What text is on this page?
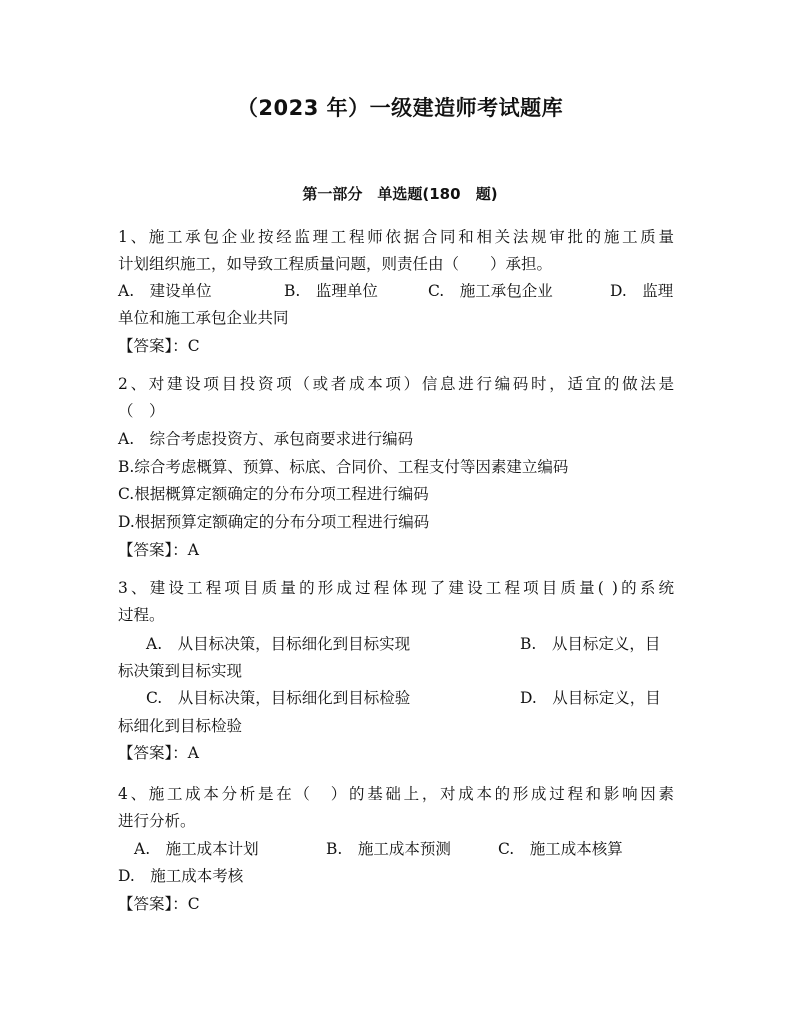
（2023 年）一级建造师考试题库
第一部分　单选题(180 题)
1、施工承包企业按经监理工程师依据合同和相关法规审批的施工质量
计划组织施工，如导致工程质量问题，则责任由（　　）承担。
A.　建设单位	B.　监理单位	C.　施工承包企业	D.　监理
单位和施工承包企业共同
【答案】：C
2、对建设项目投资项（或者成本项）信息进行编码时，适宜的做法是
（　）
A.　综合考虑投资方、承包商要求进行编码
B.综合考虑概算、预算、标底、合同价、工程支付等因素建立编码
C.根据概算定额确定的分布分项工程进行编码
D.根据预算定额确定的分布分项工程进行编码
【答案】：A
3、建设工程项目质量的形成过程体现了建设工程项目质量( )的系统
过程。
A.　从目标决策，目标细化到目标实现	B.　从目标定义，目
标决策到目标实现
C.　从目标决策，目标细化到目标检验	D.　从目标定义，目
标细化到目标检验
【答案】：A
4、施工成本分析是在（　）的基础上，对成本的形成过程和影响因素
进行分析。
A.　施工成本计划	B.　施工成本预测	C.　施工成本核算
D.　施工成本考核
【答案】：C
